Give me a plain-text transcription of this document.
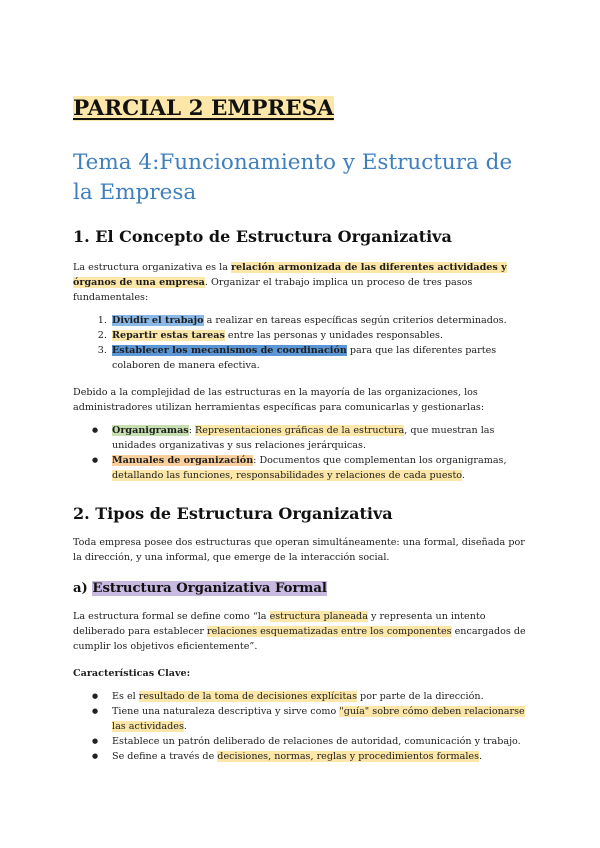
PARCIAL 2 EMPRESA
Tema 4:Funcionamiento y Estructura de la Empresa
1. El Concepto de Estructura Organizativa

La estructura organizativa es la relación armonizada de las diferentes actividades y órganos de una empresa. Organizar el trabajo implica un proceso de tres pasos fundamentales:

1. Dividir el trabajo a realizar en tareas específicas según criterios determinados.
2. Repartir estas tareas entre las personas y unidades responsables.
3. Establecer los mecanismos de coordinación para que las diferentes partes colaboren de manera efectiva.

Debido a la complejidad de las estructuras en la mayoría de las organizaciones, los administradores utilizan herramientas específicas para comunicarlas y gestionarlas:

● Organigramas: Representaciones gráficas de la estructura, que muestran las unidades organizativas y sus relaciones jerárquicas.
● Manuales de organización: Documentos que complementan los organigramas, detallando las funciones, responsabilidades y relaciones de cada puesto.
2. Tipos de Estructura Organizativa

Toda empresa posee dos estructuras que operan simultáneamente: una formal, diseñada por la dirección, y una informal, que emerge de la interacción social.

a) Estructura Organizativa Formal

La estructura formal se define como “la estructura planeada y representa un intento deliberado para establecer relaciones esquematizadas entre los componentes encargados de cumplir los objetivos eficientemente”.

Características Clave:

● Es el resultado de la toma de decisiones explícitas por parte de la dirección.
● Tiene una naturaleza descriptiva y sirve como "guía" sobre cómo deben relacionarse las actividades.
● Establece un patrón deliberado de relaciones de autoridad, comunicación y trabajo.
● Se define a través de decisiones, normas, reglas y procedimientos formales.
